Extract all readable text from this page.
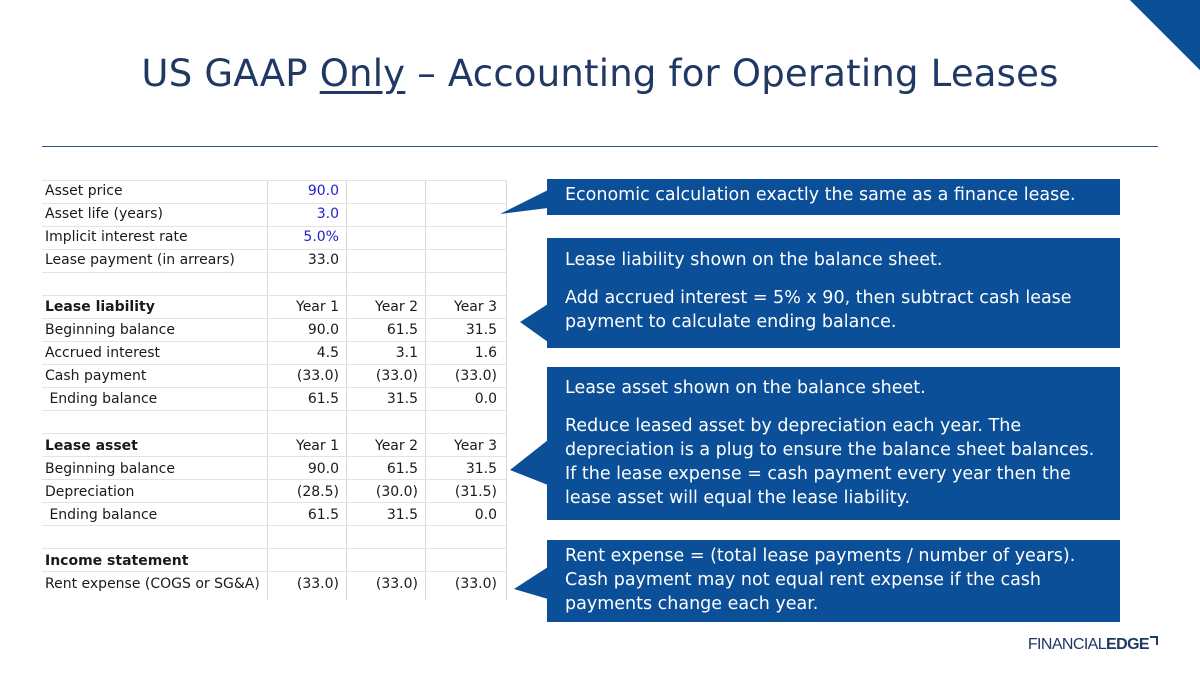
US GAAP Only – Accounting for Operating Leases
Asset price	90.0
Asset life (years)	3.0
Implicit interest rate	5.0%
Lease payment (in arrears)	33.0
Lease liability	Year 1	Year 2	Year 3
Beginning balance	90.0	61.5	31.5
Accrued interest	4.5	3.1	1.6
Cash payment	(33.0)	(33.0)	(33.0)
Ending balance	61.5	31.5	0.0
Lease asset	Year 1	Year 2	Year 3
Beginning balance	90.0	61.5	31.5
Depreciation	(28.5)	(30.0)	(31.5)
Ending balance	61.5	31.5	0.0
Income statement
Rent expense (COGS or SG&A)	(33.0)	(33.0)	(33.0)

Economic calculation exactly the same as a finance lease.

Lease liability shown on the balance sheet.

Add accrued interest = 5% x 90, then subtract cash lease payment to calculate ending balance.

Lease asset shown on the balance sheet.

Reduce leased asset by depreciation each year. The depreciation is a plug to ensure the balance sheet balances. If the lease expense = cash payment every year then the lease asset will equal the lease liability.

Rent expense = (total lease payments / number of years). Cash payment may not equal rent expense if the cash payments change each year.

FINANCIAL EDGE
